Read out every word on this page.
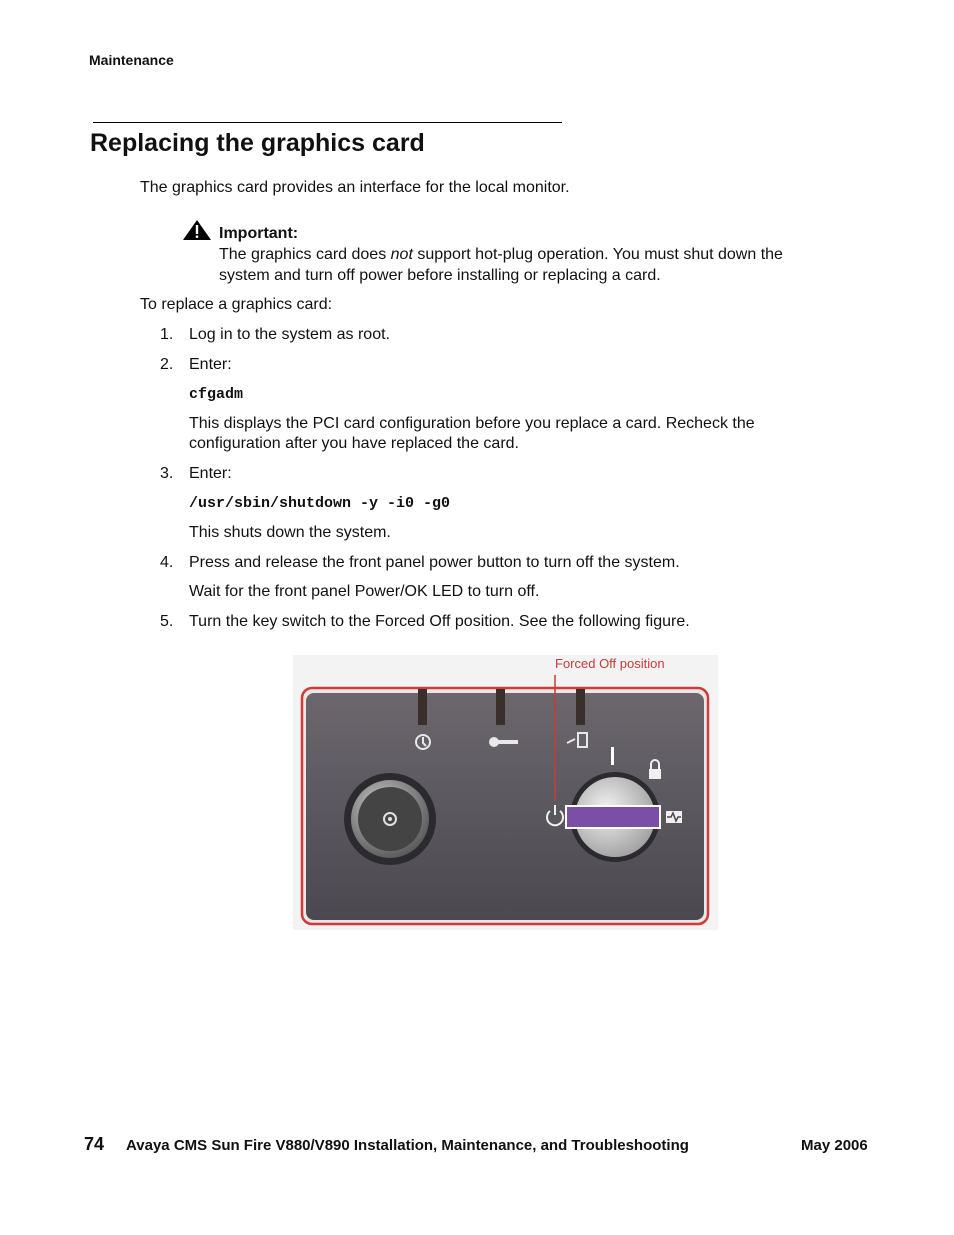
Maintenance
Replacing the graphics card

The graphics card provides an interface for the local monitor.

Important:

The graphics card does not support hot-plug operation. You must shut down the

system and turn off power before installing or replacing a card.

To replace a graphics card:

1. Log in to the system as root.

2. Enter:

cfgadm

This displays the PCI card configuration before you replace a card. Recheck the

configuration after you have replaced the card.

3. Enter:

/usr/sbin/shutdown -y -i0 -g0

This shuts down the system.

4. Press and release the front panel power button to turn off the system.

Wait for the front panel Power/OK LED to turn off.

5. Turn the key switch to the Forced Off position. See the following figure.

Forced Off position
74 Avaya CMS Sun Fire V880/V890 Installation, Maintenance, and Troubleshooting	May 2006
